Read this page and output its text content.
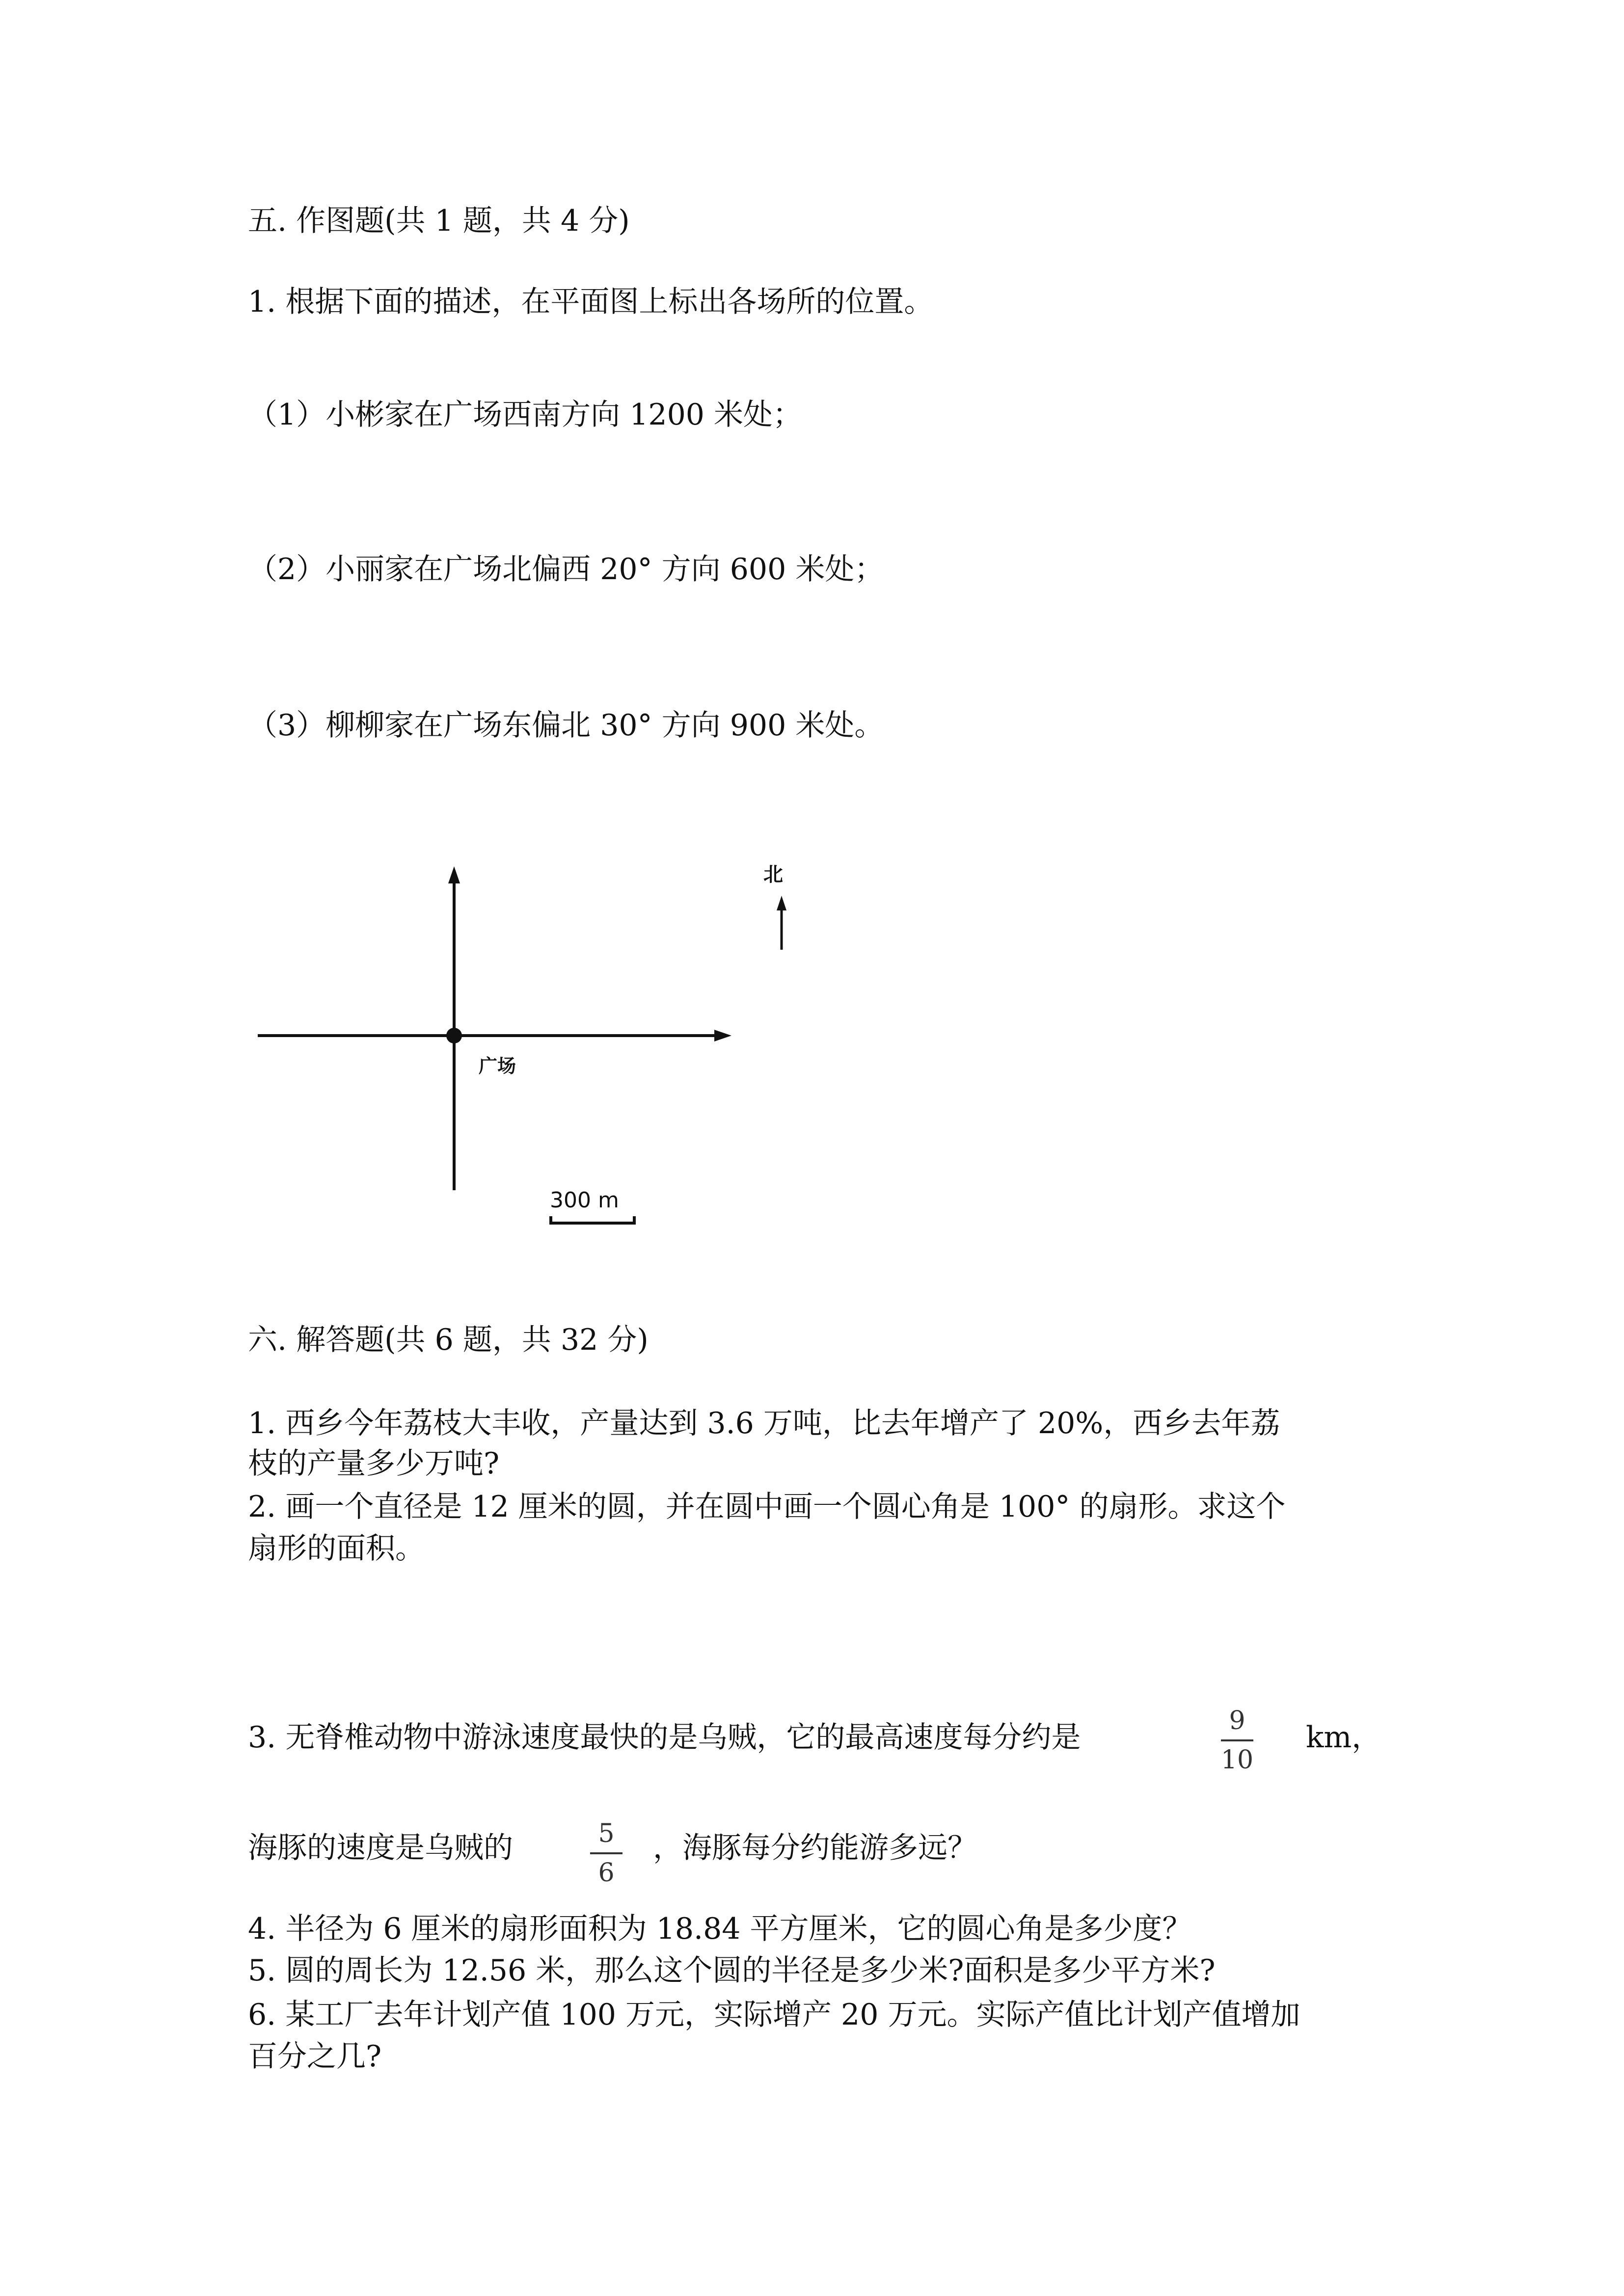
五. 作图题(共 1 题，共 4 分)
1. 根据下面的描述，在平面图上标出各场所的位置。
（1）小彬家在广场西南方向 1200 米处；
（2）小丽家在广场北偏西 20° 方向 600 米处；
（3）柳柳家在广场东偏北 30° 方向 900 米处。
广场
北
300 m
六. 解答题(共 6 题，共 32 分)
1. 西乡今年荔枝大丰收，产量达到 3.6 万吨，比去年增产了 20%，西乡去年荔
枝的产量多少万吨?
2. 画一个直径是 12 厘米的圆，并在圆中画一个圆心角是 100° 的扇形。求这个
扇形的面积。
3. 无脊椎动物中游泳速度最快的是乌贼，它的最高速度每分约是	9
10
km，
海豚的速度是乌贼的	5
6
，海豚每分约能游多远？
4. 半径为 6 厘米的扇形面积为 18.84 平方厘米，它的圆心角是多少度？
5. 圆的周长为 12.56 米，那么这个圆的半径是多少米?面积是多少平方米?
6. 某工厂去年计划产值 100 万元，实际增产 20 万元。实际产值比计划产值增加
百分之几?
